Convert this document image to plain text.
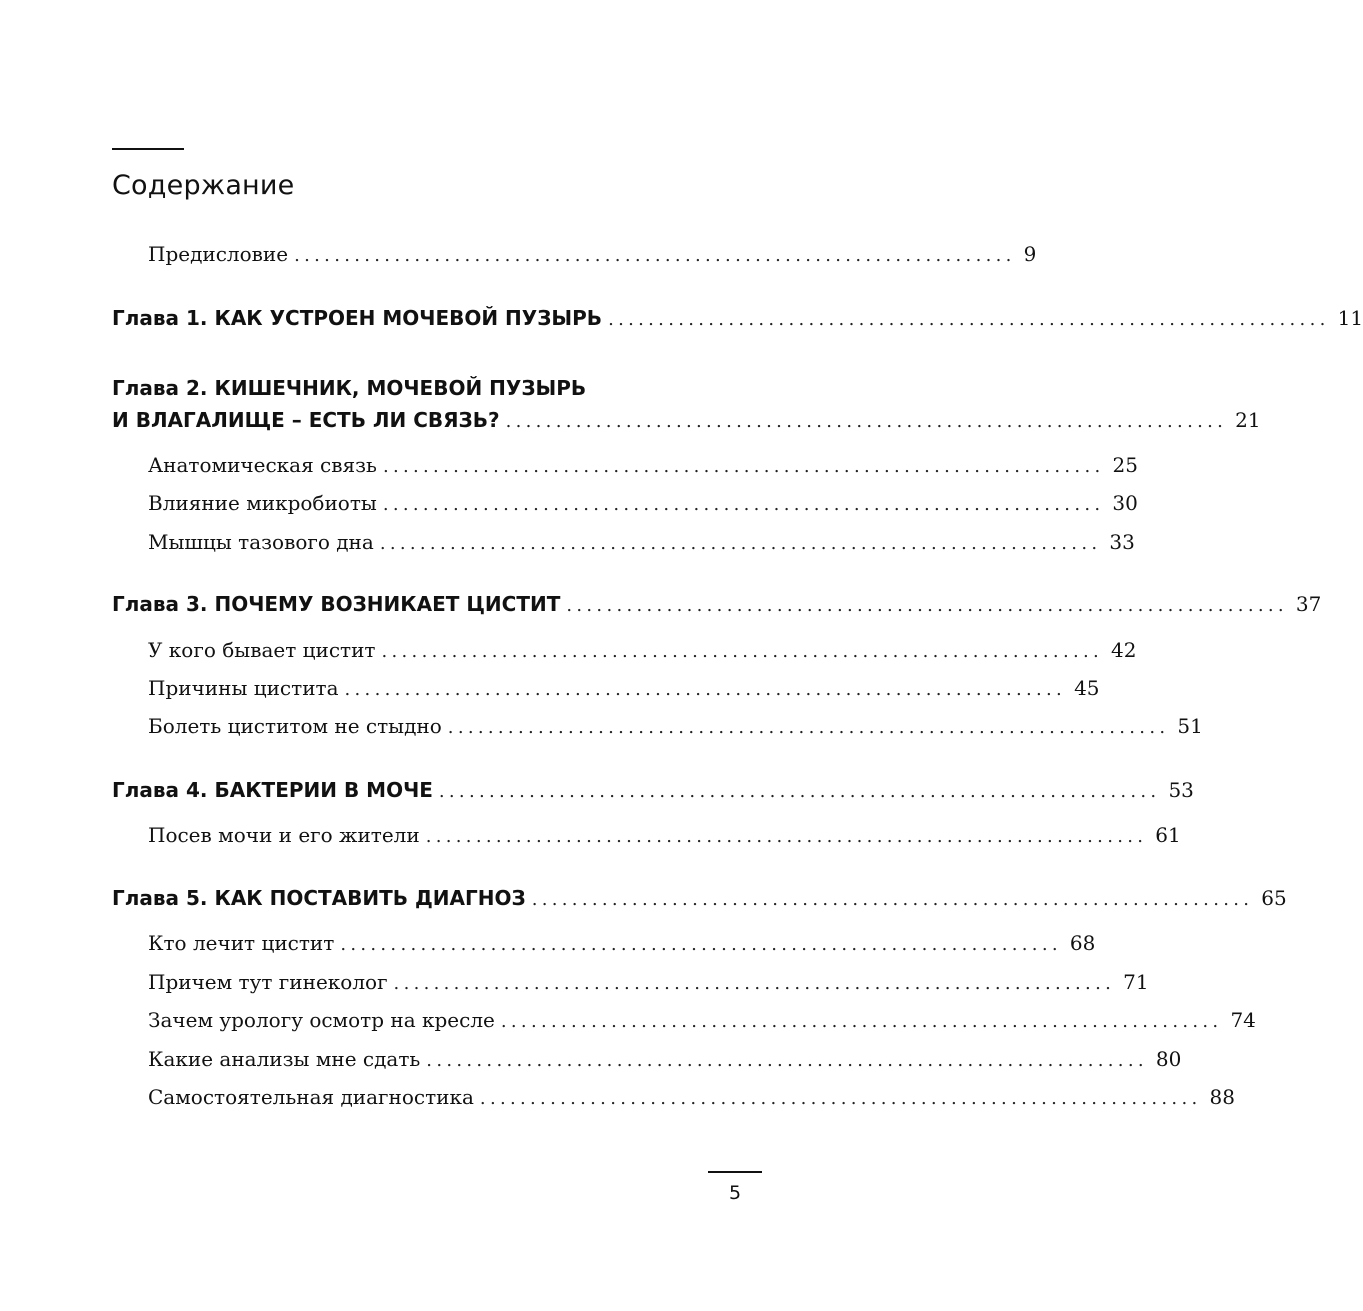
Содержание
Предисловие ........................................................................ 9
Глава 1. КАК УСТРОЕН МОЧЕВОЙ ПУЗЫРЬ ........................................................................ 11
Глава 2. КИШЕЧНИК, МОЧЕВОЙ ПУЗЫРЬ
И ВЛАГАЛИЩЕ – ЕСТЬ ЛИ СВЯЗЬ? ........................................................................ 21
Анатомическая связь ........................................................................ 25
Влияние микробиоты ........................................................................ 30
Мышцы тазового дна ........................................................................ 33
Глава 3. ПОЧЕМУ ВОЗНИКАЕТ ЦИСТИТ ........................................................................ 37
У кого бывает цистит ........................................................................ 42
Причины цистита ........................................................................ 45
Болеть циститом не стыдно ........................................................................ 51
Глава 4. БАКТЕРИИ В МОЧЕ ........................................................................ 53
Посев мочи и его жители ........................................................................ 61
Глава 5. КАК ПОСТАВИТЬ ДИАГНОЗ ........................................................................ 65
Кто лечит цистит ........................................................................ 68
Причем тут гинеколог ........................................................................ 71
Зачем урологу осмотр на кресле ........................................................................ 74
Какие анализы мне сдать ........................................................................ 80
Самостоятельная диагностика ........................................................................ 88
5
